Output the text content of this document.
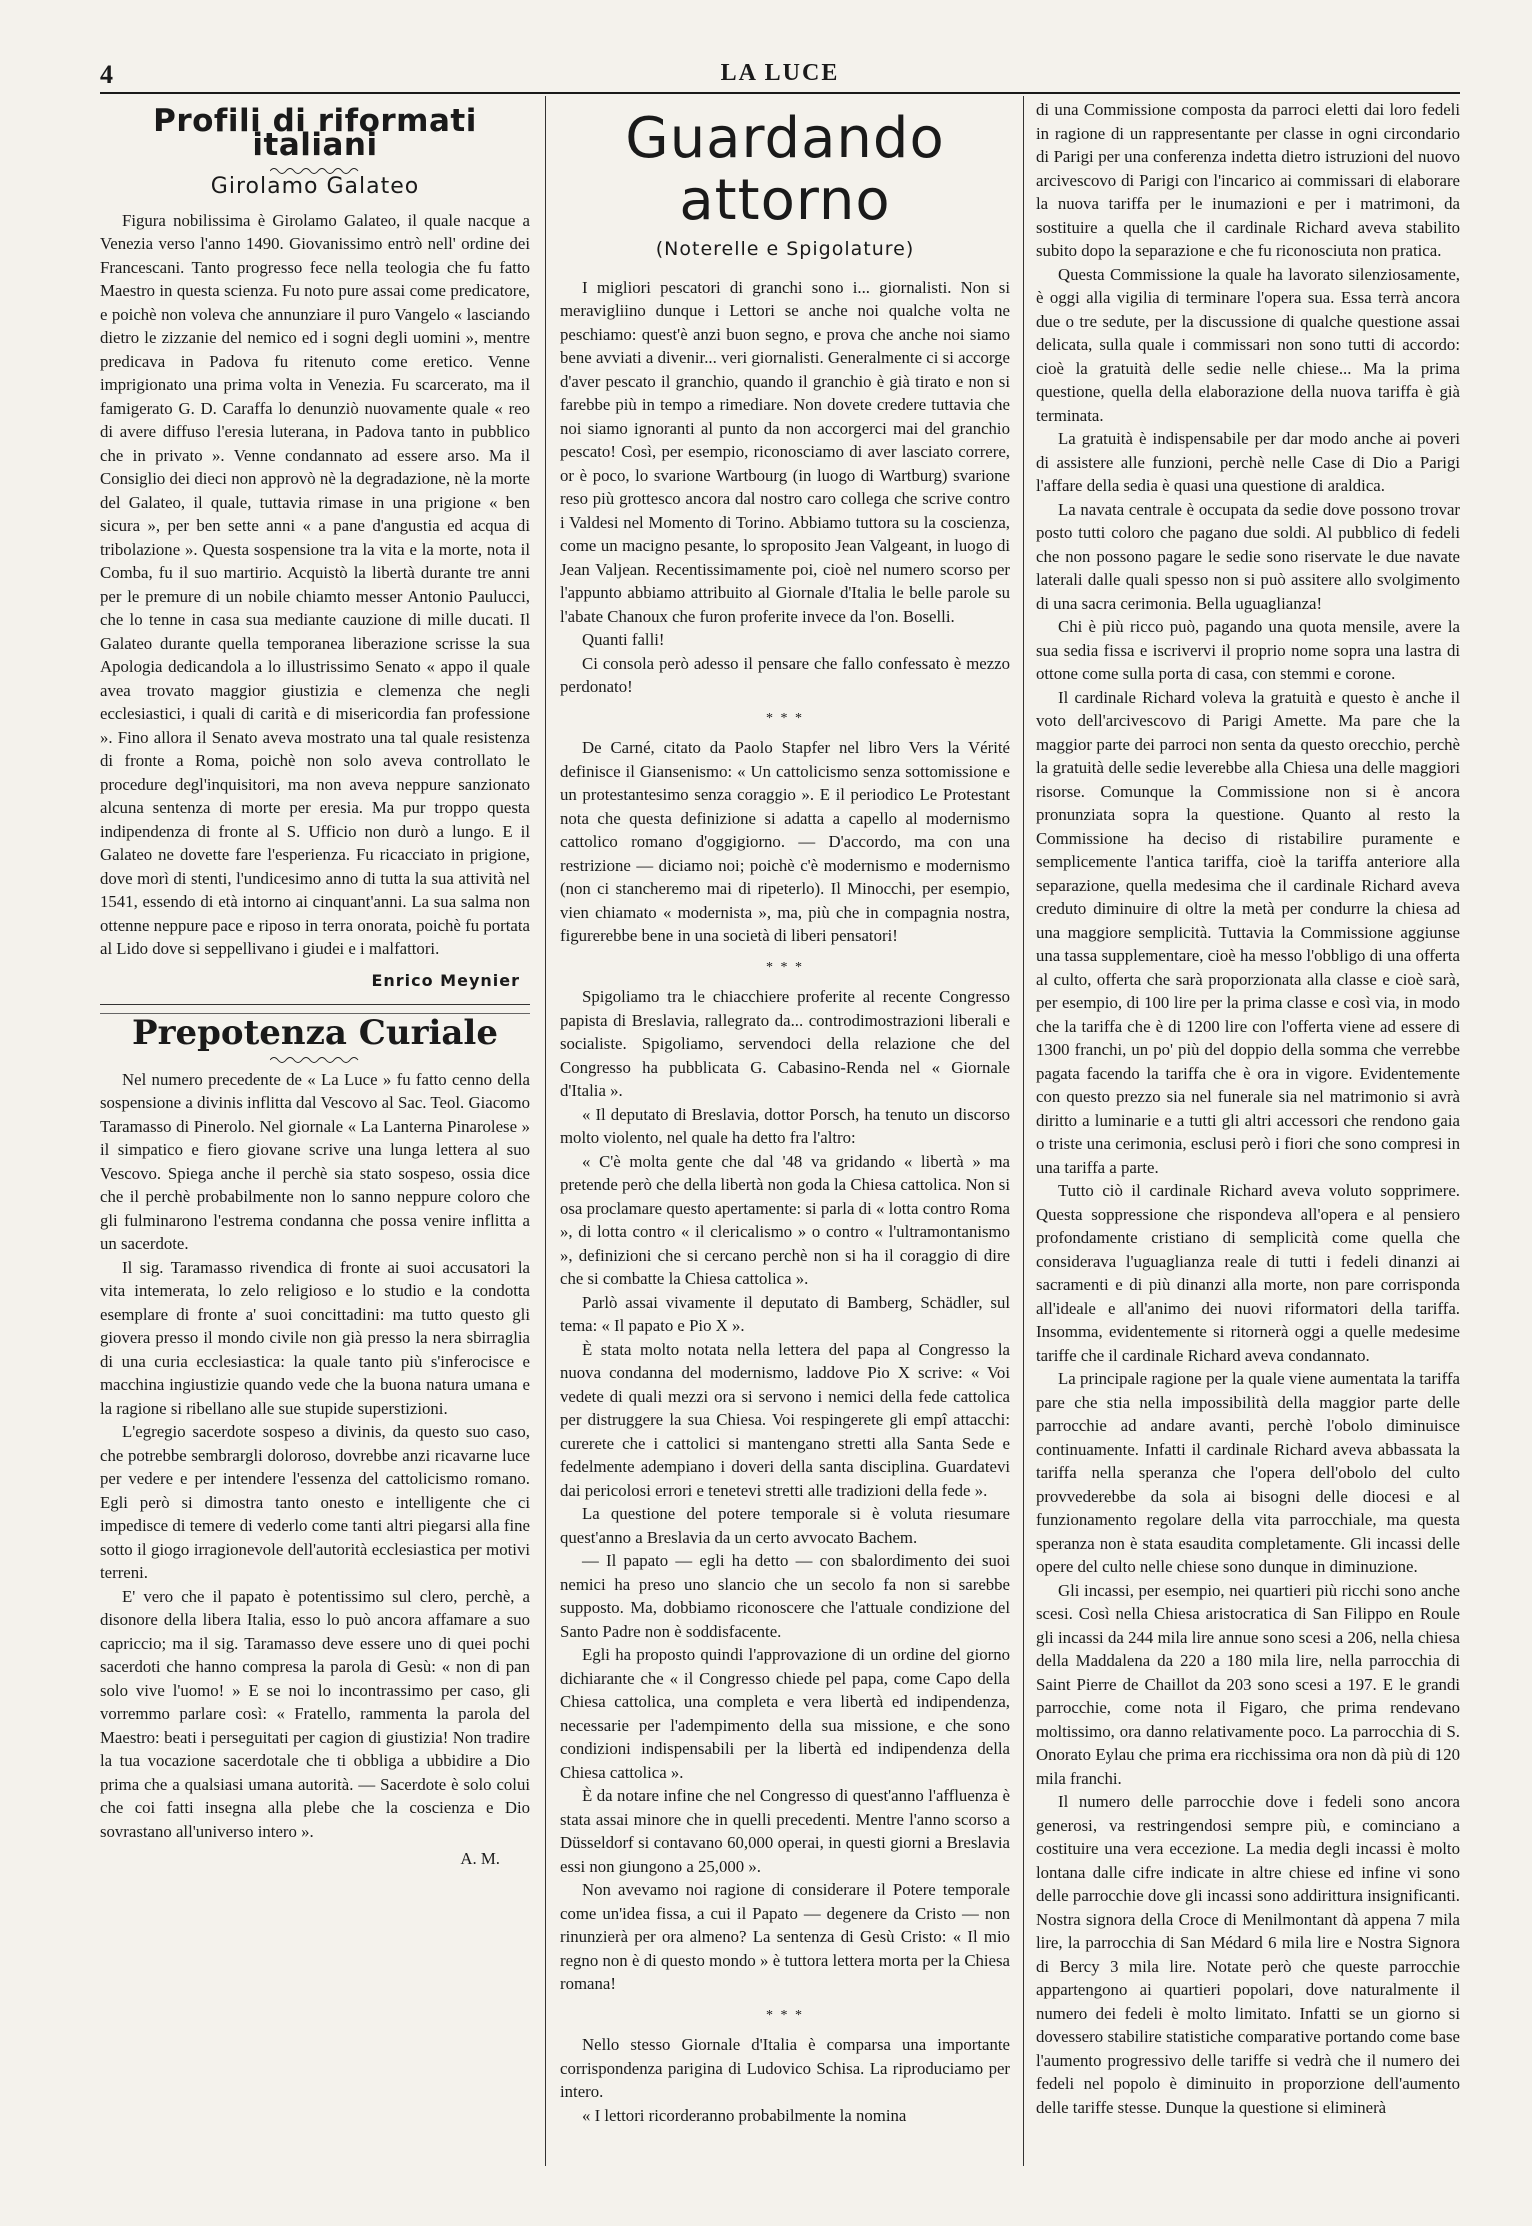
4	LA LUCE
Profili di riformati italiani
Girolamo Galateo

Figura nobilissima è Girolamo Galateo, il quale nacque a Venezia verso l'anno 1490. Giovanissimo entrò nell' ordine dei Francescani. Tanto progresso fece nella teologia che fu fatto Maestro in questa scienza. Fu noto pure assai come predicatore, e poichè non voleva che annunziare il puro Vangelo « lasciando dietro le zizzanie del nemico ed i sogni degli uomini », mentre predicava in Padova fu ritenuto come eretico. Venne imprigionato una prima volta in Venezia. Fu scarcerato, ma il famigerato G. D. Caraffa lo denunziò nuovamente quale « reo di avere diffuso l'eresia luterana, in Padova tanto in pubblico che in privato ». Venne condannato ad essere arso. Ma il Consiglio dei dieci non approvò nè la degradazione, nè la morte del Galateo, il quale, tuttavia rimase in una prigione « ben sicura », per ben sette anni « a pane d'angustia ed acqua di tribolazione ». Questa sospensione tra la vita e la morte, nota il Comba, fu il suo martirio. Acquistò la libertà durante tre anni per le premure di un nobile chiamto messer Antonio Paulucci, che lo tenne in casa sua mediante cauzione di mille ducati. Il Galateo durante quella temporanea liberazione scrisse la sua Apologia dedicandola a lo illustrissimo Senato « appo il quale avea trovato maggior giustizia e clemenza che negli ecclesiastici, i quali di carità e di misericordia fan professione ». Fino allora il Senato aveva mostrato una tal quale resistenza di fronte a Roma, poichè non solo aveva controllato le procedure degl'inquisitori, ma non aveva neppure sanzionato alcuna sentenza di morte per eresia. Ma pur troppo questa indipendenza di fronte al S. Ufficio non durò a lungo. E il Galateo ne dovette fare l'esperienza. Fu ricacciato in prigione, dove morì di stenti, l'undicesimo anno di tutta la sua attività nel 1541, essendo di età intorno ai cinquant'anni. La sua salma non ottenne neppure pace e riposo in terra onorata, poichè fu portata al Lido dove si seppellivano i giudei e i malfattori.

Enrico Meynier
Prepotenza Curiale

Nel numero precedente de « La Luce » fu fatto cenno della sospensione a divinis inflitta dal Vescovo al Sac. Teol. Giacomo Taramasso di Pinerolo. Nel giornale « La Lanterna Pinarolese » il simpatico e fiero giovane scrive una lunga lettera al suo Vescovo. Spiega anche il perchè sia stato sospeso, ossia dice che il perchè probabilmente non lo sanno neppure coloro che gli fulminarono l'estrema condanna che possa venire inflitta a un sacerdote.

Il sig. Taramasso rivendica di fronte ai suoi accusatori la vita intemerata, lo zelo religioso e lo studio e la condotta esemplare di fronte a' suoi concittadini: ma tutto questo gli giovera presso il mondo civile non già presso la nera sbirraglia di una curia ecclesiastica: la quale tanto più s'inferocisce e macchina ingiustizie quando vede che la buona natura umana e la ragione si ribellano alle sue stupide superstizioni.

L'egregio sacerdote sospeso a divinis, da questo suo caso, che potrebbe sembrargli doloroso, dovrebbe anzi ricavarne luce per vedere e per intendere l'essenza del cattolicismo romano. Egli però si dimostra tanto onesto e intelligente che ci impedisce di temere di vederlo come tanti altri piegarsi alla fine sotto il giogo irragionevole dell'autorità ecclesiastica per motivi terreni.

E' vero che il papato è potentissimo sul clero, perchè, a disonore della libera Italia, esso lo può ancora affamare a suo capriccio; ma il sig. Taramasso deve essere uno di quei pochi sacerdoti che hanno compresa la parola di Gesù: « non di pan solo vive l'uomo! » E se noi lo incontrassimo per caso, gli vorremmo parlare così: « Fratello, rammenta la parola del Maestro: beati i perseguitati per cagion di giustizia! Non tradire la tua vocazione sacerdotale che ti obbliga a ubbidire a Dio prima che a qualsiasi umana autorità. — Sacerdote è solo colui che coi fatti insegna alla plebe che la coscienza e Dio sovrastano all'universo intero ».

A. M.
Guardando attorno
(Noterelle e Spigolature)

I migliori pescatori di granchi sono i... giornalisti. Non si meravigliino dunque i Lettori se anche noi qualche volta ne peschiamo: quest'è anzi buon segno, e prova che anche noi siamo bene avviati a divenir... veri giornalisti. Generalmente ci si accorge d'aver pescato il granchio, quando il granchio è già tirato e non si farebbe più in tempo a rimediare. Non dovete credere tuttavia che noi siamo ignoranti al punto da non accorgerci mai del granchio pescato! Così, per esempio, riconosciamo di aver lasciato correre, or è poco, lo svarione Wartbourg (in luogo di Wartburg) svarione reso più grottesco ancora dal nostro caro collega che scrive contro i Valdesi nel Momento di Torino. Abbiamo tuttora su la coscienza, come un macigno pesante, lo sproposito Jean Valgeant, in luogo di Jean Valjean. Recentissimamente poi, cioè nel numero scorso per l'appunto abbiamo attribuito al Giornale d'Italia le belle parole su l'abate Chanoux che furon proferite invece da l'on. Boselli.

Quanti falli!

Ci consola però adesso il pensare che fallo confessato è mezzo perdonato!

* * *

De Carné, citato da Paolo Stapfer nel libro Vers la Vérité definisce il Giansenismo: « Un cattolicismo senza sottomissione e un protestantesimo senza coraggio ». E il periodico Le Protestant nota che questa definizione si adatta a capello al modernismo cattolico romano d'oggigiorno. — D'accordo, ma con una restrizione — diciamo noi; poichè c'è modernismo e modernismo (non ci stancheremo mai di ripeterlo). Il Minocchi, per esempio, vien chiamato « modernista », ma, più che in compagnia nostra, figurerebbe bene in una società di liberi pensatori!

* * *

Spigoliamo tra le chiacchiere proferite al recente Congresso papista di Breslavia, rallegrato da... controdimostrazioni liberali e socialiste. Spigoliamo, servendoci della relazione che del Congresso ha pubblicata G. Cabasino-Renda nel « Giornale d'Italia ».

« Il deputato di Breslavia, dottor Porsch, ha tenuto un discorso molto violento, nel quale ha detto fra l'altro:

« C'è molta gente che dal '48 va gridando « libertà » ma pretende però che della libertà non goda la Chiesa cattolica. Non si osa proclamare questo apertamente: si parla di « lotta contro Roma », di lotta contro « il clericalismo » o contro « l'ultramontanismo », definizioni che si cercano perchè non si ha il coraggio di dire che si combatte la Chiesa cattolica ».

Parlò assai vivamente il deputato di Bamberg, Schädler, sul tema: « Il papato e Pio X ».

È stata molto notata nella lettera del papa al Congresso la nuova condanna del modernismo, laddove Pio X scrive: « Voi vedete di quali mezzi ora si servono i nemici della fede cattolica per distruggere la sua Chiesa. Voi respingerete gli empî attacchi: curerete che i cattolici si mantengano stretti alla Santa Sede e fedelmente adempiano i doveri della santa disciplina. Guardatevi dai pericolosi errori e tenetevi stretti alle tradizioni della fede ».

La questione del potere temporale si è voluta riesumare quest'anno a Breslavia da un certo avvocato Bachem.

— Il papato — egli ha detto — con sbalordimento dei suoi nemici ha preso uno slancio che un secolo fa non si sarebbe supposto. Ma, dobbiamo riconoscere che l'attuale condizione del Santo Padre non è soddisfacente.

Egli ha proposto quindi l'approvazione di un ordine del giorno dichiarante che « il Congresso chiede pel papa, come Capo della Chiesa cattolica, una completa e vera libertà ed indipendenza, necessarie per l'adempimento della sua missione, e che sono condizioni indispensabili per la libertà ed indipendenza della Chiesa cattolica ».

È da notare infine che nel Congresso di quest'anno l'affluenza è stata assai minore che in quelli precedenti. Mentre l'anno scorso a Düsseldorf si contavano 60,000 operai, in questi giorni a Breslavia essi non giungono a 25,000 ».

Non avevamo noi ragione di considerare il Potere temporale come un'idea fissa, a cui il Papato — degenere da Cristo — non rinunzierà per ora almeno? La sentenza di Gesù Cristo: « Il mio regno non è di questo mondo » è tuttora lettera morta per la Chiesa romana!

* * *

Nello stesso Giornale d'Italia è comparsa una importante corrispondenza parigina di Ludovico Schisa. La riproduciamo per intero.

« I lettori ricorderanno probabilmente la nomina

di una Commissione composta da parroci eletti dai loro fedeli in ragione di un rappresentante per classe in ogni circondario di Parigi per una conferenza indetta dietro istruzioni del nuovo arcivescovo di Parigi con l'incarico ai commissari di elaborare la nuova tariffa per le inumazioni e per i matrimoni, da sostituire a quella che il cardinale Richard aveva stabilito subito dopo la separazione e che fu riconosciuta non pratica.

Questa Commissione la quale ha lavorato silenziosamente, è oggi alla vigilia di terminare l'opera sua. Essa terrà ancora due o tre sedute, per la discussione di qualche questione assai delicata, sulla quale i commissari non sono tutti di accordo: cioè la gratuità delle sedie nelle chiese... Ma la prima questione, quella della elaborazione della nuova tariffa è già terminata.

La gratuità è indispensabile per dar modo anche ai poveri di assistere alle funzioni, perchè nelle Case di Dio a Parigi l'affare della sedia è quasi una questione di araldica.

La navata centrale è occupata da sedie dove possono trovar posto tutti coloro che pagano due soldi. Al pubblico di fedeli che non possono pagare le sedie sono riservate le due navate laterali dalle quali spesso non si può assitere allo svolgimento di una sacra cerimonia. Bella uguaglianza!

Chi è più ricco può, pagando una quota mensile, avere la sua sedia fissa e iscrivervi il proprio nome sopra una lastra di ottone come sulla porta di casa, con stemmi e corone.

Il cardinale Richard voleva la gratuità e questo è anche il voto dell'arcivescovo di Parigi Amette. Ma pare che la maggior parte dei parroci non senta da questo orecchio, perchè la gratuità delle sedie leverebbe alla Chiesa una delle maggiori risorse. Comunque la Commissione non si è ancora pronunziata sopra la questione. Quanto al resto la Commissione ha deciso di ristabilire puramente e semplicemente l'antica tariffa, cioè la tariffa anteriore alla separazione, quella medesima che il cardinale Richard aveva creduto diminuire di oltre la metà per condurre la chiesa ad una maggiore semplicità. Tuttavia la Commissione aggiunse una tassa supplementare, cioè ha messo l'obbligo di una offerta al culto, offerta che sarà proporzionata alla classe e cioè sarà, per esempio, di 100 lire per la prima classe e così via, in modo che la tariffa che è di 1200 lire con l'offerta viene ad essere di 1300 franchi, un po' più del doppio della somma che verrebbe pagata facendo la tariffa che è ora in vigore. Evidentemente con questo prezzo sia nel funerale sia nel matrimonio si avrà diritto a luminarie e a tutti gli altri accessori che rendono gaia o triste una cerimonia, esclusi però i fiori che sono compresi in una tariffa a parte.

Tutto ciò il cardinale Richard aveva voluto sopprimere. Questa soppressione che rispondeva all'opera e al pensiero profondamente cristiano di semplicità come quella che considerava l'uguaglianza reale di tutti i fedeli dinanzi ai sacramenti e di più dinanzi alla morte, non pare corrisponda all'ideale e all'animo dei nuovi riformatori della tariffa. Insomma, evidentemente si ritornerà oggi a quelle medesime tariffe che il cardinale Richard aveva condannato.

La principale ragione per la quale viene aumentata la tariffa pare che stia nella impossibilità della maggior parte delle parrocchie ad andare avanti, perchè l'obolo diminuisce continuamente. Infatti il cardinale Richard aveva abbassata la tariffa nella speranza che l'opera dell'obolo del culto provvederebbe da sola ai bisogni delle diocesi e al funzionamento regolare della vita parrocchiale, ma questa speranza non è stata esaudita completamente. Gli incassi delle opere del culto nelle chiese sono dunque in diminuzione.

Gli incassi, per esempio, nei quartieri più ricchi sono anche scesi. Così nella Chiesa aristocratica di San Filippo en Roule gli incassi da 244 mila lire annue sono scesi a 206, nella chiesa della Maddalena da 220 a 180 mila lire, nella parrocchia di Saint Pierre de Chaillot da 203 sono scesi a 197. E le grandi parrocchie, come nota il Figaro, che prima rendevano moltissimo, ora danno relativamente poco. La parrocchia di S. Onorato Eylau che prima era ricchissima ora non dà più di 120 mila franchi.

Il numero delle parrocchie dove i fedeli sono ancora generosi, va restringendosi sempre più, e cominciano a costituire una vera eccezione. La media degli incassi è molto lontana dalle cifre indicate in altre chiese ed infine vi sono delle parrocchie dove gli incassi sono addirittura insignificanti. Nostra signora della Croce di Menilmontant dà appena 7 mila lire, la parrocchia di San Médard 6 mila lire e Nostra Signora di Bercy 3 mila lire. Notate però che queste parrocchie appartengono ai quartieri popolari, dove naturalmente il numero dei fedeli è molto limitato. Infatti se un giorno si dovessero stabilire statistiche comparative portando come base l'aumento progressivo delle tariffe si vedrà che il numero dei fedeli nel popolo è diminuito in proporzione dell'aumento delle tariffe stesse. Dunque la questione si eliminerà
